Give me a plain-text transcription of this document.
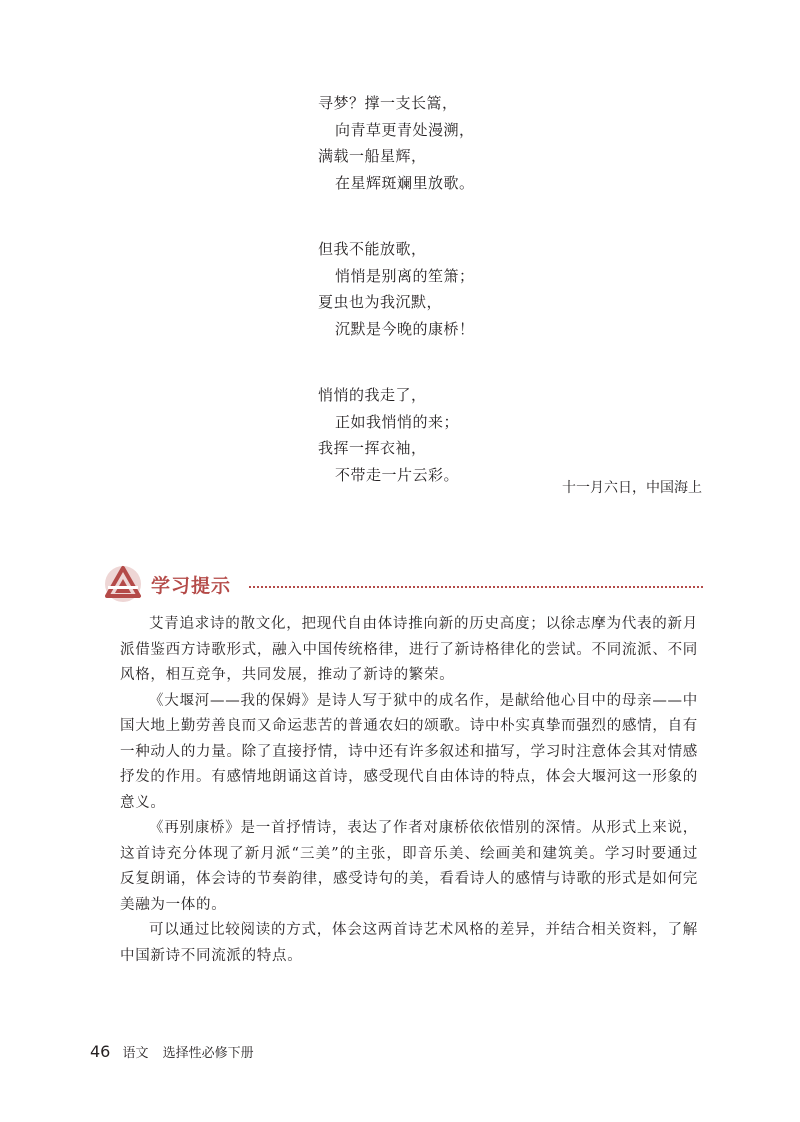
寻梦？撑一支长篙，
向青草更青处漫溯，
满载一船星辉，
在星辉斑斓里放歌。
但我不能放歌，
悄悄是别离的笙箫；
夏虫也为我沉默，
沉默是今晚的康桥！
悄悄的我走了，
正如我悄悄的来；
我挥一挥衣袖，
不带走一片云彩。
十一月六日，中国海上
学习提示

艾青追求诗的散文化，把现代自由体诗推向新的历史高度；以徐志摩为代表的新月派借鉴西方诗歌形式，融入中国传统格律，进行了新诗格律化的尝试。不同流派、不同风格，相互竞争，共同发展，推动了新诗的繁荣。

《大堰河——我的保姆》是诗人写于狱中的成名作，是献给他心目中的母亲——中国大地上勤劳善良而又命运悲苦的普通农妇的颂歌。诗中朴实真挚而强烈的感情，自有一种动人的力量。除了直接抒情，诗中还有许多叙述和描写，学习时注意体会其对情感抒发的作用。有感情地朗诵这首诗，感受现代自由体诗的特点，体会大堰河这一形象的意义。

《再别康桥》是一首抒情诗，表达了作者对康桥依依惜别的深情。从形式上来说，这首诗充分体现了新月派“三美”的主张，即音乐美、绘画美和建筑美。学习时要通过反复朗诵，体会诗的节奏韵律，感受诗句的美，看看诗人的感情与诗歌的形式是如何完美融为一体的。

可以通过比较阅读的方式，体会这两首诗艺术风格的差异，并结合相关资料，了解中国新诗不同流派的特点。

46 语文 选择性必修下册
